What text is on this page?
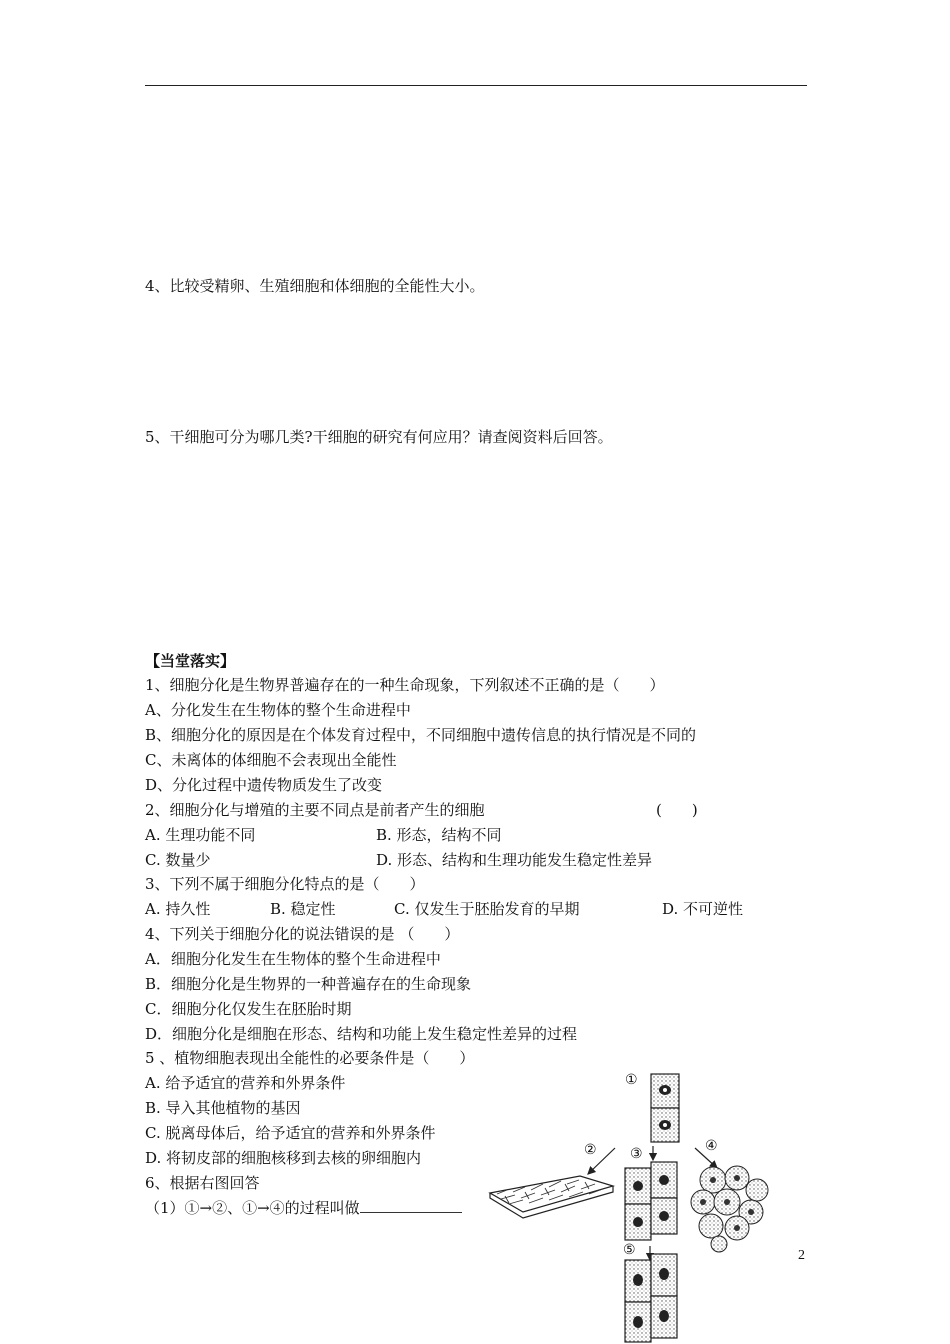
4、比较受精卵、生殖细胞和体细胞的全能性大小。
5、干细胞可分为哪几类?干细胞的研究有何应用？请查阅资料后回答。
【当堂落实】
1、细胞分化是生物界普遍存在的一种生命现象，下列叙述不正确的是（　　）
A、分化发生在生物体的整个生命进程中
B、细胞分化的原因是在个体发育过程中，不同细胞中遗传信息的执行情况是不同的
C、未离体的体细胞不会表现出全能性
D、分化过程中遗传物质发生了改变
2、细胞分化与增殖的主要不同点是前者产生的细胞	(　　)
A. 生理功能不同	B. 形态，结构不同
C. 数量少	D. 形态、结构和生理功能发生稳定性差异
3、下列不属于细胞分化特点的是（　　）
A. 持久性	B. 稳定性	C. 仅发生于胚胎发育的早期	D. 不可逆性
4、下列关于细胞分化的说法错误的是 （　　）
A．细胞分化发生在生物体的整个生命进程中
B．细胞分化是生物界的一种普遍存在的生命现象
C．细胞分化仅发生在胚胎时期
D．细胞分化是细胞在形态、结构和功能上发生稳定性差异的过程
5 、植物细胞表现出全能性的必要条件是（　　）
A. 给予适宜的营养和外界条件
B. 导入其他植物的基因
C. 脱离母体后，给予适宜的营养和外界条件
D. 将韧皮部的细胞核移到去核的卵细胞内
6、根据右图回答
（1）①→②、①→④的过程叫做
2
①
② ③	④
⑤
